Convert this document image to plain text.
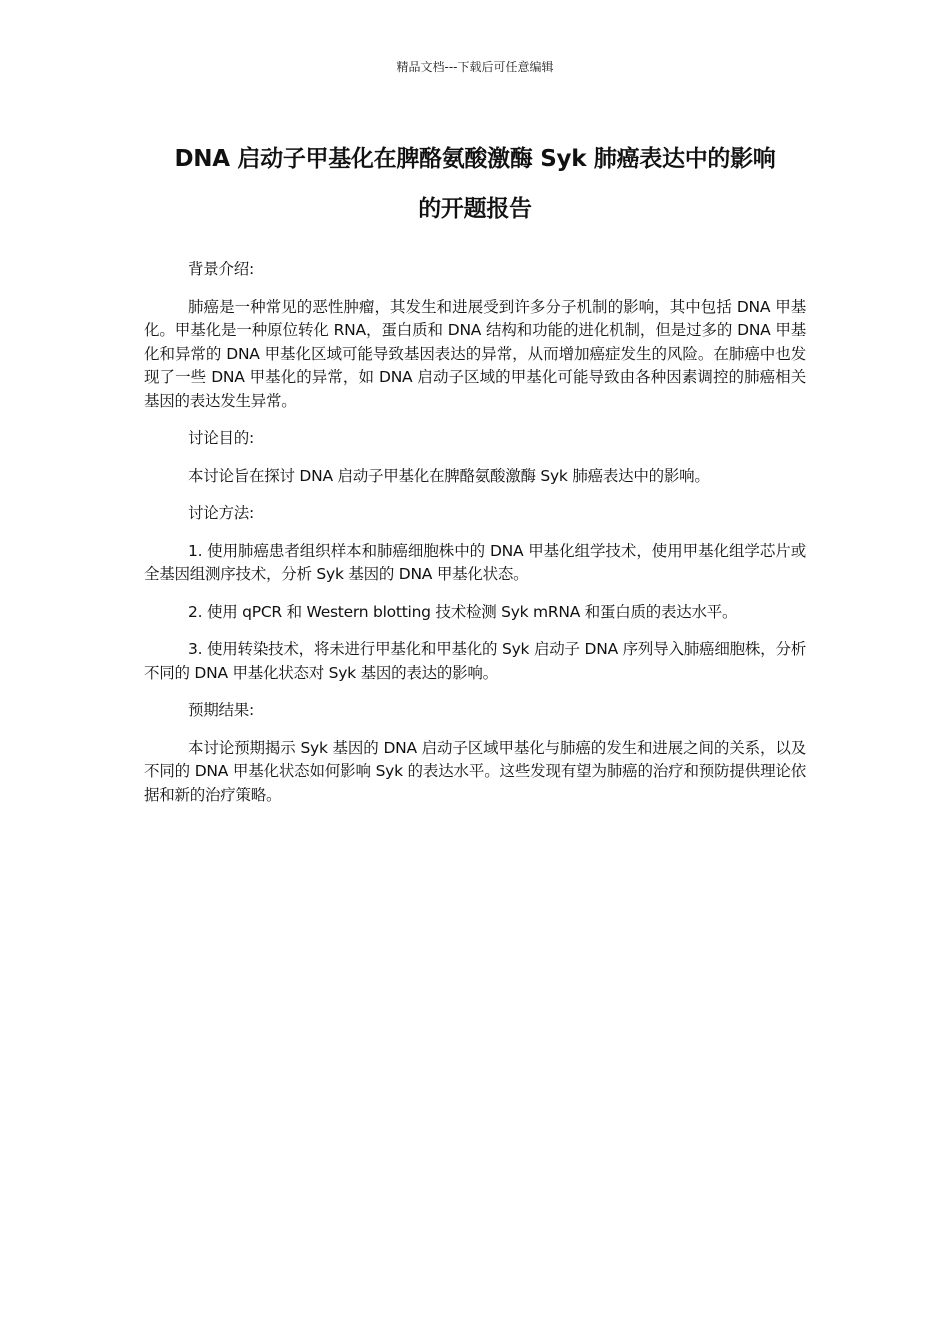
精品文档---下载后可任意编辑
DNA 启动子甲基化在脾酪氨酸激酶 Syk 肺癌表达中的影响
的开题报告

背景介绍:

肺癌是一种常见的恶性肿瘤，其发生和进展受到许多分子机制的影响，其中包括 DNA 甲基化。甲基化是一种原位转化 RNA，蛋白质和 DNA 结构和功能的进化机制，但是过多的 DNA 甲基化和异常的 DNA 甲基化区域可能导致基因表达的异常，从而增加癌症发生的风险。在肺癌中也发现了一些 DNA 甲基化的异常，如 DNA 启动子区域的甲基化可能导致由各种因素调控的肺癌相关基因的表达发生异常。

讨论目的:

本讨论旨在探讨 DNA 启动子甲基化在脾酪氨酸激酶 Syk 肺癌表达中的影响。

讨论方法:

1. 使用肺癌患者组织样本和肺癌细胞株中的 DNA 甲基化组学技术，使用甲基化组学芯片或全基因组测序技术，分析 Syk 基因的 DNA 甲基化状态。

2. 使用 qPCR 和 Western blotting 技术检测 Syk mRNA 和蛋白质的表达水平。

3. 使用转染技术，将未进行甲基化和甲基化的 Syk 启动子 DNA 序列导入肺癌细胞株，分析不同的 DNA 甲基化状态对 Syk 基因的表达的影响。

预期结果:

本讨论预期揭示 Syk 基因的 DNA 启动子区域甲基化与肺癌的发生和进展之间的关系，以及不同的 DNA 甲基化状态如何影响 Syk 的表达水平。这些发现有望为肺癌的治疗和预防提供理论依据和新的治疗策略。
